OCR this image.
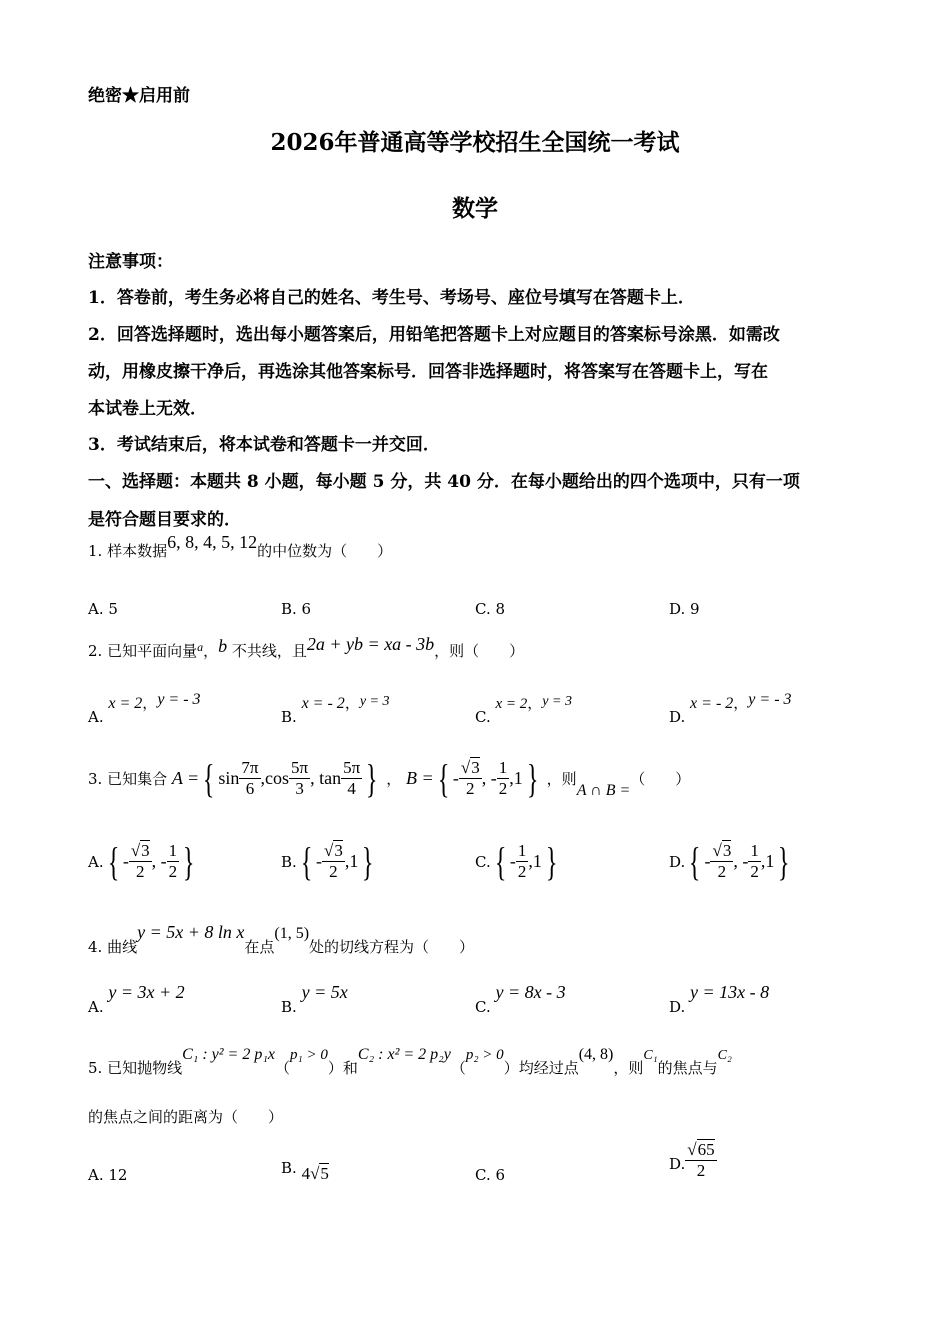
绝密★启用前
2026年普通高等学校招生全国统一考试
数学
注意事项：
1．答卷前，考生务必将自己的姓名、考生号、考场号、座位号填写在答题卡上．
2．回答选择题时，选出每小题答案后，用铅笔把答题卡上对应题目的答案标号涂黑．如需改
动，用橡皮擦干净后，再选涂其他答案标号．回答非选择题时，将答案写在答题卡上，写在
本试卷上无效．
3．考试结束后，将本试卷和答题卡一并交回．
一、选择题：本题共 8 小题，每小题 5 分，共 40 分．在每小题给出的四个选项中，只有一项
是符合题目要求的．
1. 样本数据6, 8, 4, 5, 12的中位数为（　　）
A. 5	B. 6	C. 8	D. 9
2. 已知平面向量$^a$，b 不共线，且2a + yb = xa - 3b，则（　　）
A. x = 2，y = - 3
B. x = - 2，y = 3
C. x = 2，y = 3
D. x = - 2，y = - 3
3. 已知集合 A ={ $\sin \frac{7\pi}{6} ,\cos \frac{5\pi}{3}$ , $\tan \frac{5\pi}{4}$ } ， B ={ - $\frac{√3}{2}$ , - $\frac{1}{2} ,1$} ，则A ∩ B =（　　）
$A.\{ - \frac{√3}{2}$ , - $\frac{1}{2}$ }	$B.\{ - \frac{√3}{2} ,1\}$	$C.\{ - \frac{1}{2} ,1\}$	$D.\{ - \frac{√3}{2}$ , - $\frac{1}{2} ,1$}
4. 曲线y = 5x + 8 ln x在点(1, 5)处的切线方程为（　　）
A. y = 3x + 2
B. y = 5x
C. y = 8x - 3
D. y = 13x - 8
5. 已知抛物线C₁ : y² = 2 p₁x（p₁ > 0）和C₂ : x² = 2 p₂y（p₂ > 0）均经过点(4, 8)，则C₁的焦点与C₂
的焦点之间的距离为（　　）
A. 12	B. 4√5	C. 6
D. $\frac{√65}{2}$
